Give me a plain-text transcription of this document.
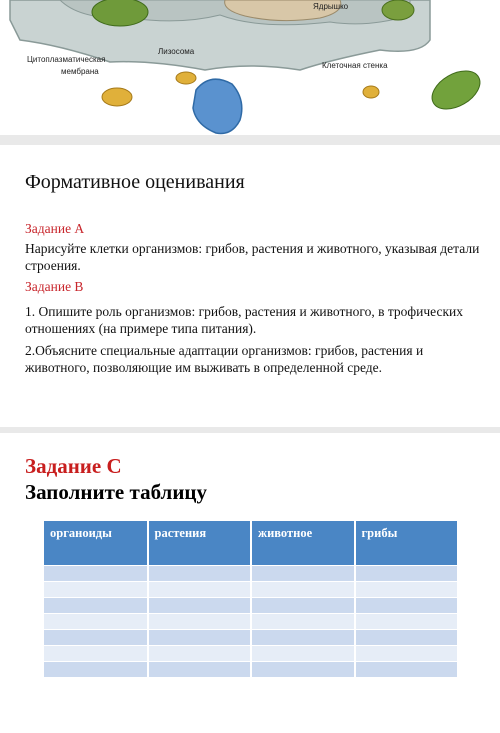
Ядрышко
Лизосома
Цитоплазматическая
мембрана
Клеточная стенка
Формативное оценивания
Задание А
Нарисуйте клетки организмов: грибов, растения и животного, указывая детали строения.
Задание В
1. Опишите роль организмов: грибов, растения и животного, в трофических отношениях (на примере типа питания).
2.Объясните специальные адаптации организмов: грибов, растения и животного, позволяющие им выживать в определенной среде.
Задание С
Заполните таблицу
органоиды	растения	животное	грибы
